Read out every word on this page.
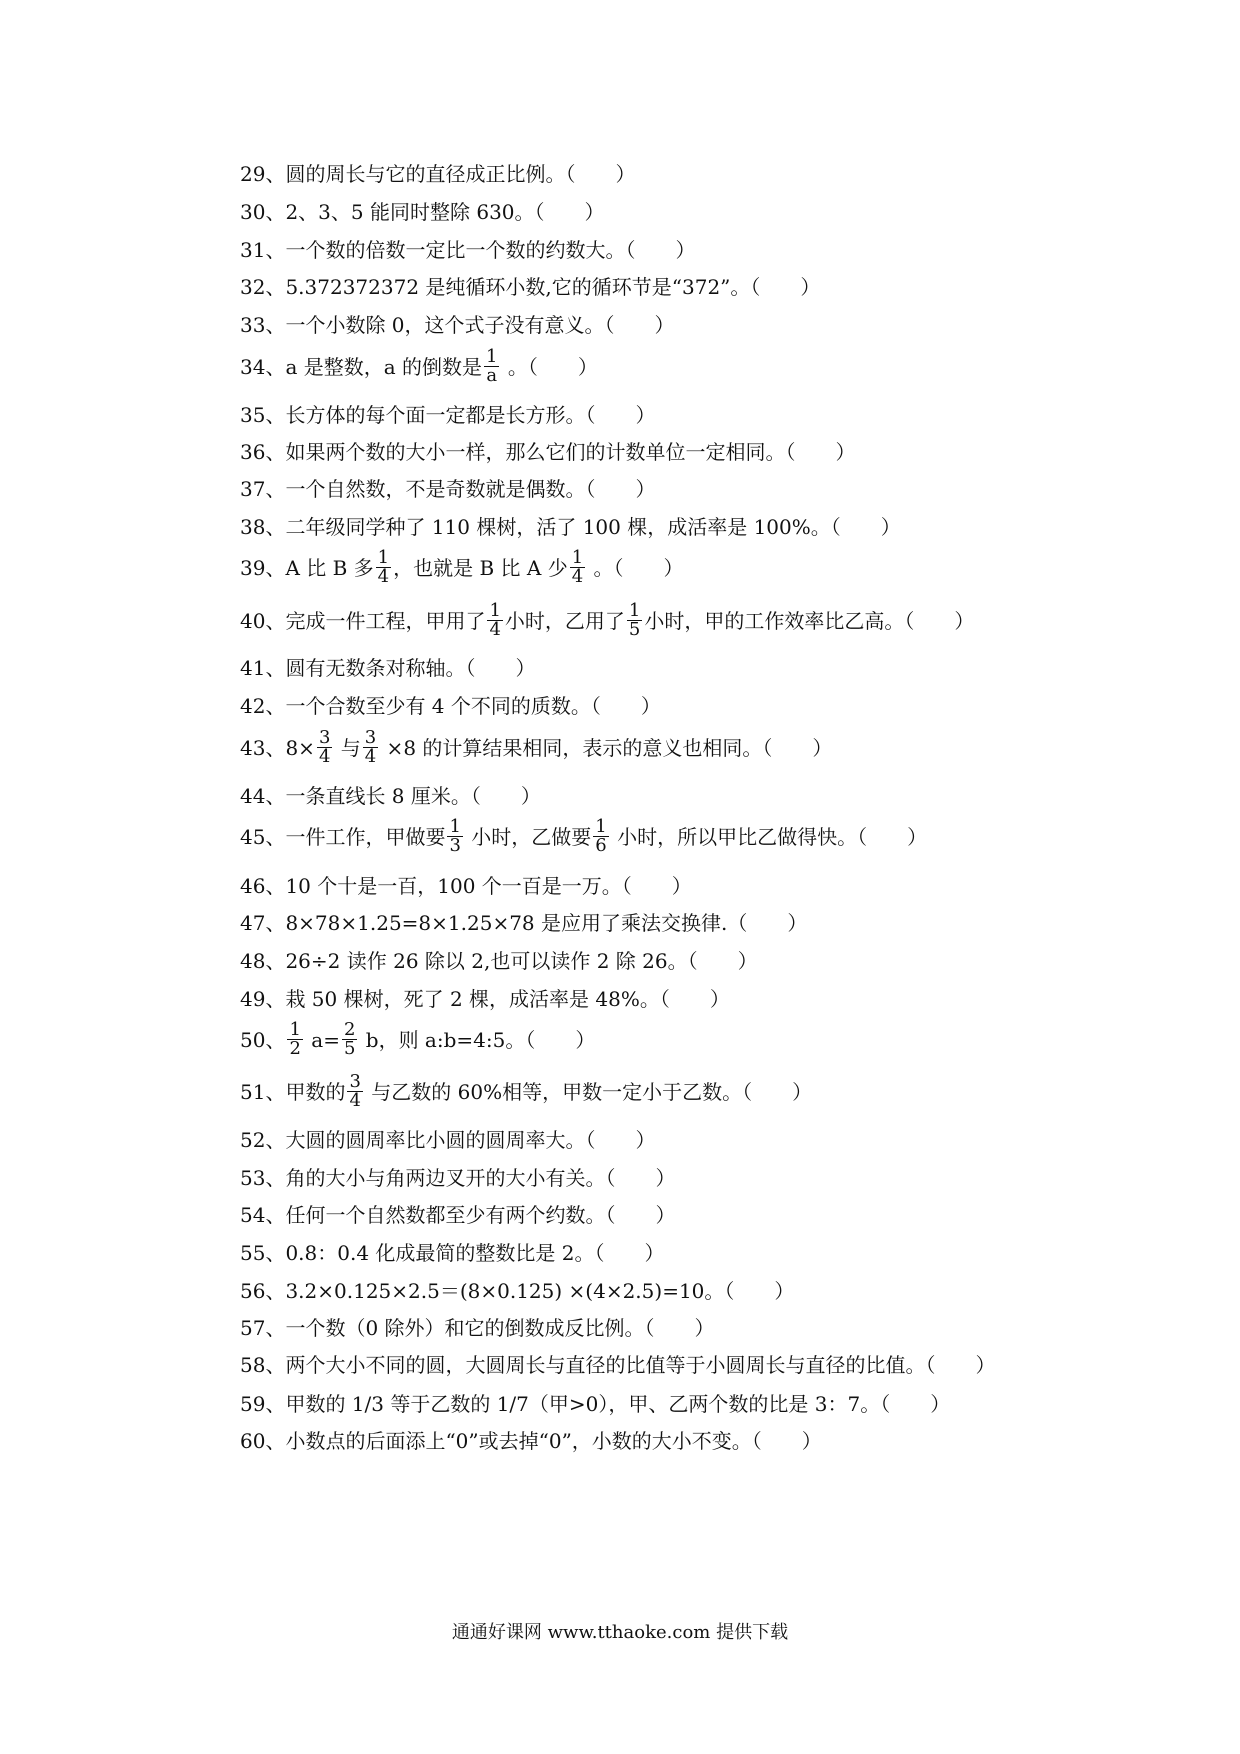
29、圆的周长与它的直径成正比例。（　　）
30、2、3、5 能同时整除 630。（　　）
31、一个数的倍数一定比一个数的约数大。（　　）
32、5.372372372 是纯循环小数,它的循环节是“372”。（　　）
33、一个小数除 0，这个式子没有意义。（　　）
34、a 是整数，a 的倒数是 $\frac{1}{a}$ 。（　　）
35、长方体的每个面一定都是长方形。（　　）
36、如果两个数的大小一样，那么它们的计数单位一定相同。（　　）
37、一个自然数，不是奇数就是偶数。（　　）
38、二年级同学种了 110 棵树，活了 100 棵，成活率是 100%。（　　）
39、A 比 B 多 $\frac{1}{4}$ ，也就是 B 比 A 少 $\frac{1}{4}$ 。（　　）
40、完成一件工程，甲用了 $\frac{1}{4}$ 小时，乙用了 $\frac{1}{5}$ 小时，甲的工作效率比乙高。（　　）
41、圆有无数条对称轴。（　　）
42、一个合数至少有 4 个不同的质数。（　　）
43、$8\times \frac{3}{4}$ 与 $\frac{3}{4} \times 8$ 的计算结果相同，表示的意义也相同。（　　）
44、一条直线长 8 厘米。（　　）
45、一件工作，甲做要 $\frac{1}{3}$ 小时，乙做要 $\frac{1}{6}$ 小时，所以甲比乙做得快。（　　）
46、10 个十是一百，100 个一百是一万。（　　）
47、8×78×1.25=8×1.25×78 是应用了乘法交换律.（　　）
48、26÷2 读作 26 除以 2,也可以读作 2 除 26。（　　）
49、栽 50 棵树，死了 2 棵，成活率是 48%。（　　）
50、 $\frac{1}{2} a= \frac{2}{5}$ b，则 a:b=4:5。（　　）
51、甲数的 $\frac{3}{4}$ 与乙数的 60%相等，甲数一定小于乙数。（　　）
52、大圆的圆周率比小圆的圆周率大。（　　）
53、角的大小与角两边叉开的大小有关。（　　）
54、任何一个自然数都至少有两个约数。（　　）
55、0.8：0.4 化成最简的整数比是 2。（　　）
56、3.2×0.125×2.5＝(8×0.125) ×(4×2.5)=10。（　　）
57、一个数（0 除外）和它的倒数成反比例。（　　）
58、两个大小不同的圆，大圆周长与直径的比值等于小圆周长与直径的比值。（　　）
59、甲数的 1/3 等于乙数的 1/7（甲>0），甲、乙两个数的比是 3：7。（　　）
60、小数点的后面添上“0”或去掉“0”，小数的大小不变。（　　）
通通好课网 www.tthaoke.com 提供下载
